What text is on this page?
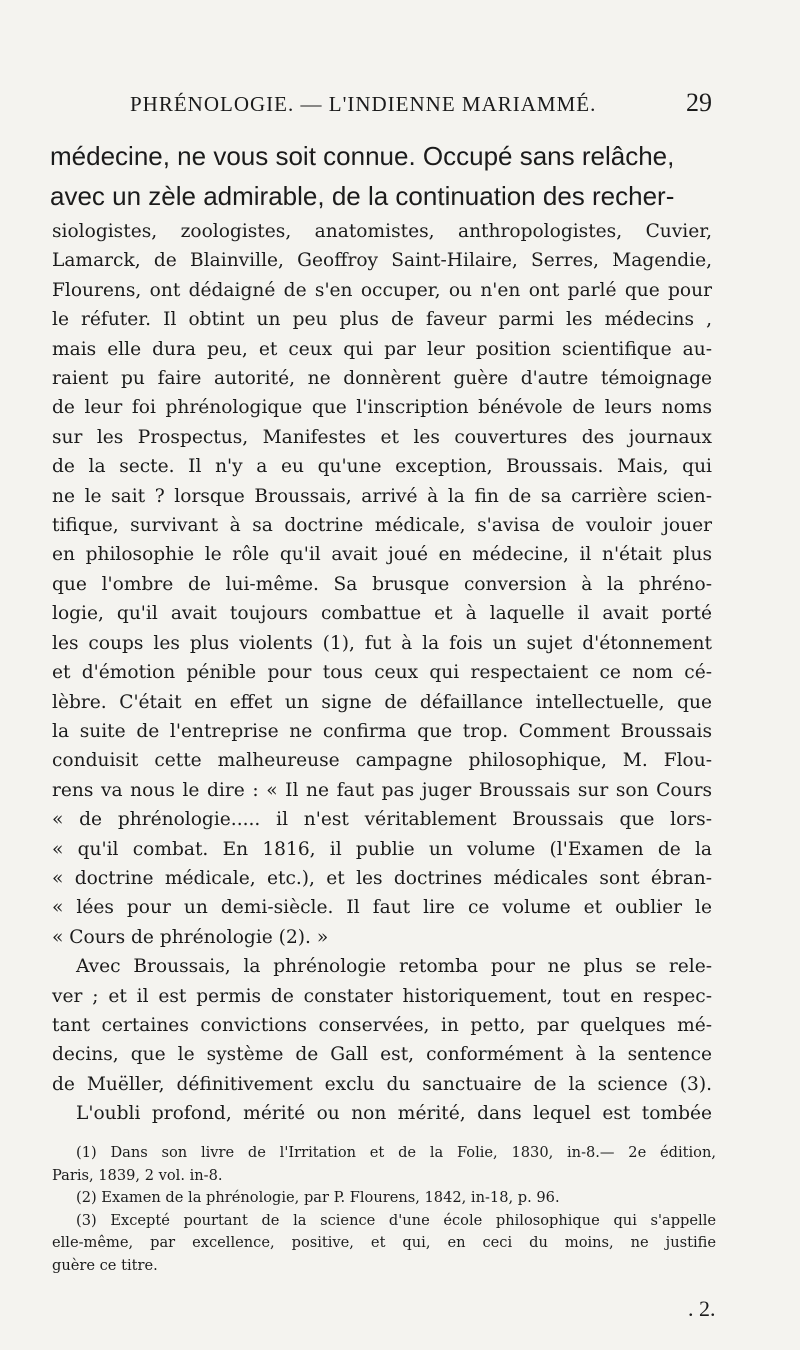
PHRÉNOLOGIE. — L'INDIENNE MARIAMMÉ.	29
médecine, ne vous soit connue. Occupé sans relâche,
avec un zèle admirable, de la continuation des recher-
siologistes, zoologistes, anatomistes, anthropologistes, Cuvier,
Lamarck, de Blainville, Geoffroy Saint-Hilaire, Serres, Magendie,
Flourens, ont dédaigné de s'en occuper, ou n'en ont parlé que pour
le réfuter. Il obtint un peu plus de faveur parmi les médecins ,
mais elle dura peu, et ceux qui par leur position scientifique au-
raient pu faire autorité, ne donnèrent guère d'autre témoignage
de leur foi phrénologique que l'inscription bénévole de leurs noms
sur les Prospectus, Manifestes et les couvertures des journaux
de la secte. Il n'y a eu qu'une exception, Broussais. Mais, qui
ne le sait ? lorsque Broussais, arrivé à la fin de sa carrière scien-
tifique, survivant à sa doctrine médicale, s'avisa de vouloir jouer
en philosophie le rôle qu'il avait joué en médecine, il n'était plus
que l'ombre de lui-même. Sa brusque conversion à la phréno-
logie, qu'il avait toujours combattue et à laquelle il avait porté
les coups les plus violents (1), fut à la fois un sujet d'étonnement
et d'émotion pénible pour tous ceux qui respectaient ce nom cé-
lèbre. C'était en effet un signe de défaillance intellectuelle, que
la suite de l'entreprise ne confirma que trop. Comment Broussais
conduisit cette malheureuse campagne philosophique, M. Flou-
rens va nous le dire : « Il ne faut pas juger Broussais sur son Cours
« de phrénologie..... il n'est véritablement Broussais que lors-
« qu'il combat. En 1816, il publie un volume (l'Examen de la
« doctrine médicale, etc.), et les doctrines médicales sont ébran-
« lées pour un demi-siècle. Il faut lire ce volume et oublier le
« Cours de phrénologie (2). »
Avec Broussais, la phrénologie retomba pour ne plus se rele-
ver ; et il est permis de constater historiquement, tout en respec-
tant certaines convictions conservées, in petto, par quelques mé-
decins, que le système de Gall est, conformément à la sentence
de Muëller, définitivement exclu du sanctuaire de la science (3).
L'oubli profond, mérité ou non mérité, dans lequel est tombée
(1) Dans son livre de l'Irritation et de la Folie, 1830, in-8.— 2e édition,
Paris, 1839, 2 vol. in-8.
(2) Examen de la phrénologie, par P. Flourens, 1842, in-18, p. 96.
(3) Excepté pourtant de la science d'une école philosophique qui s'appelle
elle-même, par excellence, positive, et qui, en ceci du moins, ne justifie
guère ce titre.
. 2.
